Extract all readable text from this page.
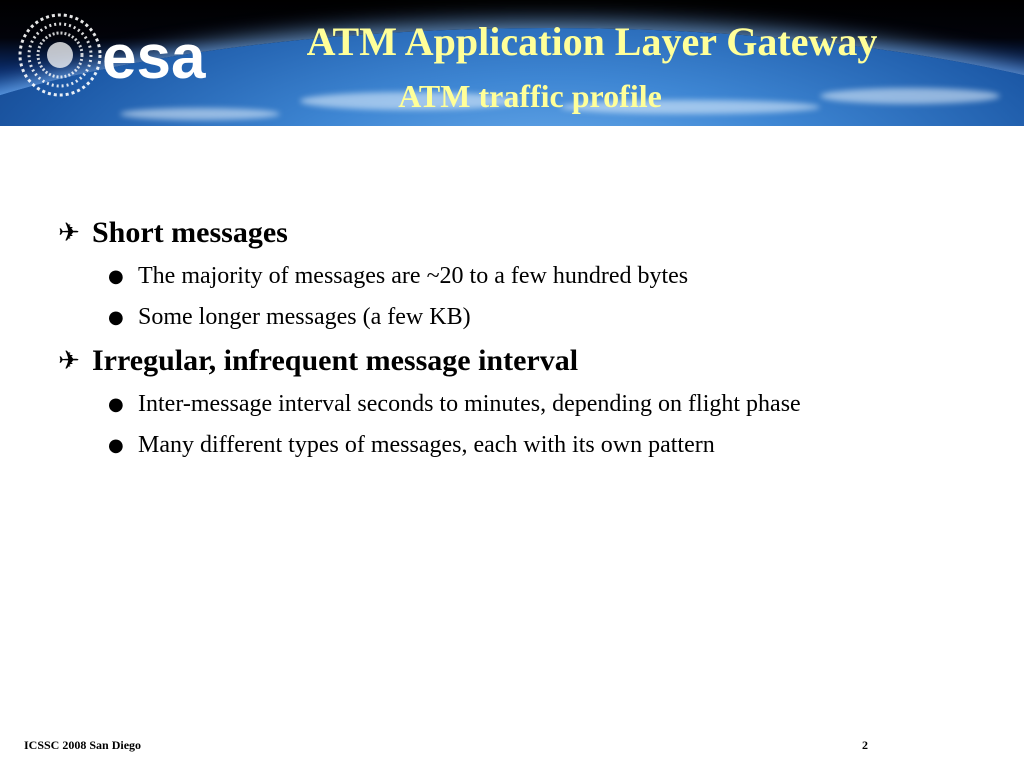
esa	ATM Application Layer Gateway
ATM traffic profile
✈ Short messages
● The majority of messages are ~20 to a few hundred bytes
● Some longer messages (a few KB)
✈ Irregular, infrequent message interval
● Inter-message interval seconds to minutes, depending on flight phase
● Many different types of messages, each with its own pattern
ICSSC 2008 San Diego	2
